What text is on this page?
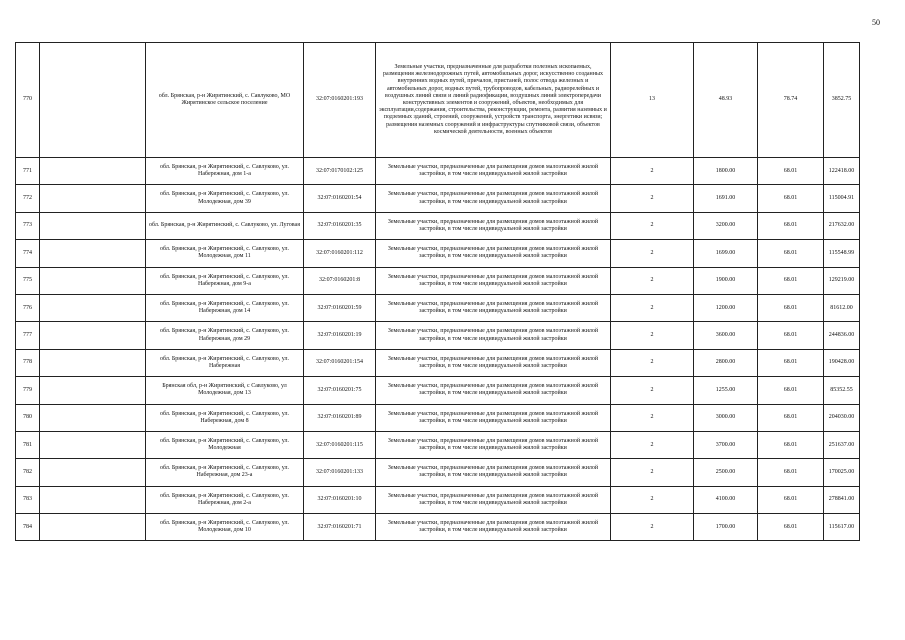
50
770		обл. Брянская, р-н Жирятинский, с. Савлуково, МО Жирятинское сельское поселение	32:07:0160201:193	Земельные участки, предназначенные для разработки полезных ископаемых, размещения железнодорожных путей, автомобильных дорог, искусственно созданных внутренних водных путей, причалов, пристаней, полос отвода железных и автомобильных дорог, водных путей, трубопроводов, кабельных, радиорелейных и воздушных линий связи и линий радиофикации, воздушных линий электропередачи конструктивных элементов и сооружений, объектов, необходимых для эксплуатации,содержания, строительства, реконструкции, ремонта, развития наземных и подземных зданий, строений, сооружений, устройств транспорта, энергетики исвязи; размещения наземных сооружений и инфраструктуры спутниковой связи, объектов космической деятельности, военных объектов	13	48.93	78.74	3852.75
771		обл. Брянская, р-н Жирятинский, с. Савлуково, ул. Набережная, дом 1-а	32:07:0170102:125	Земельные участки, предназначенные для размещения домов малоэтажной жилой застройки, в том числе индивидуальной жилой застройки	2	1800.00	68.01	122418.00
772		обл. Брянская, р-н Жирятинский, с. Савлуково, ул. Молодежная, дом 39	32:07:0160201:54	Земельные участки, предназначенные для размещения домов малоэтажной жилой застройки, в том числе индивидуальной жилой застройки	2	1691.00	68.01	115004.91
773		обл. Брянская, р-н Жирятинский, с. Савлуково, ул. Луговая	32:07:0160201:35	Земельные участки, предназначенные для размещения домов малоэтажной жилой застройки, в том числе индивидуальной жилой застройки	2	3200.00	68.01	217632.00
774		обл. Брянская, р-н Жирятинский, с. Савлуково, ул. Молодежная, дом 11	32:07:0160201:112	Земельные участки, предназначенные для размещения домов малоэтажной жилой застройки, в том числе индивидуальной жилой застройки	2	1699.00	68.01	115548.99
775		обл. Брянская, р-н Жирятинский, с. Савлуково, ул. Набережная, дом 9-а	32:07:0160201:8	Земельные участки, предназначенные для размещения домов малоэтажной жилой застройки, в том числе индивидуальной жилой застройки	2	1900.00	68.01	129219.00
776		обл. Брянская, р-н Жирятинский, с. Савлуково, ул. Набережная, дом 14	32:07:0160201:59	Земельные участки, предназначенные для размещения домов малоэтажной жилой застройки, в том числе индивидуальной жилой застройки	2	1200.00	68.01	81612.00
777		обл. Брянская, р-н Жирятинский, с. Савлуково, ул. Набережная, дом 29	32:07:0160201:19	Земельные участки, предназначенные для размещения домов малоэтажной жилой застройки, в том числе индивидуальной жилой застройки	2	3600.00	68.01	244836.00
778		обл. Брянская, р-н Жирятинский, с. Савлуково, ул. Набережная	32:07:0160201:154	Земельные участки, предназначенные для размещения домов малоэтажной жилой застройки, в том числе индивидуальной жилой застройки	2	2800.00	68.01	190428.00
779		Брянская обл, р-н Жирятинский, с Савлуково, ул Молодежная, дом 13	32:07:0160201:75	Земельные участки, предназначенные для размещения домов малоэтажной жилой застройки, в том числе индивидуальной жилой застройки	2	1255.00	68.01	85352.55
780		обл. Брянская, р-н Жирятинский, с. Савлуково, ул. Набережная, дом 8	32:07:0160201:89	Земельные участки, предназначенные для размещения домов малоэтажной жилой застройки, в том числе индивидуальной жилой застройки	2	3000.00	68.01	204030.00
781		обл. Брянская, р-н Жирятинский, с. Савлуково, ул. Молодежная	32:07:0160201:115	Земельные участки, предназначенные для размещения домов малоэтажной жилой застройки, в том числе индивидуальной жилой застройки	2	3700.00	68.01	251637.00
782		обл. Брянская, р-н Жирятинский, с. Савлуково, ул. Набережная, дом 23-а	32:07:0160201:133	Земельные участки, предназначенные для размещения домов малоэтажной жилой застройки, в том числе индивидуальной жилой застройки	2	2500.00	68.01	170025.00
783		обл. Брянская, р-н Жирятинский, с. Савлуково, ул. Набережная, дом 2-а	32:07:0160201:10	Земельные участки, предназначенные для размещения домов малоэтажной жилой застройки, в том числе индивидуальной жилой застройки	2	4100.00	68.01	278841.00
784		обл. Брянская, р-н Жирятинский, с. Савлуково, ул. Молодежная, дом 10	32:07:0160201:71	Земельные участки, предназначенные для размещения домов малоэтажной жилой застройки, в том числе индивидуальной жилой застройки	2	1700.00	68.01	115617.00
